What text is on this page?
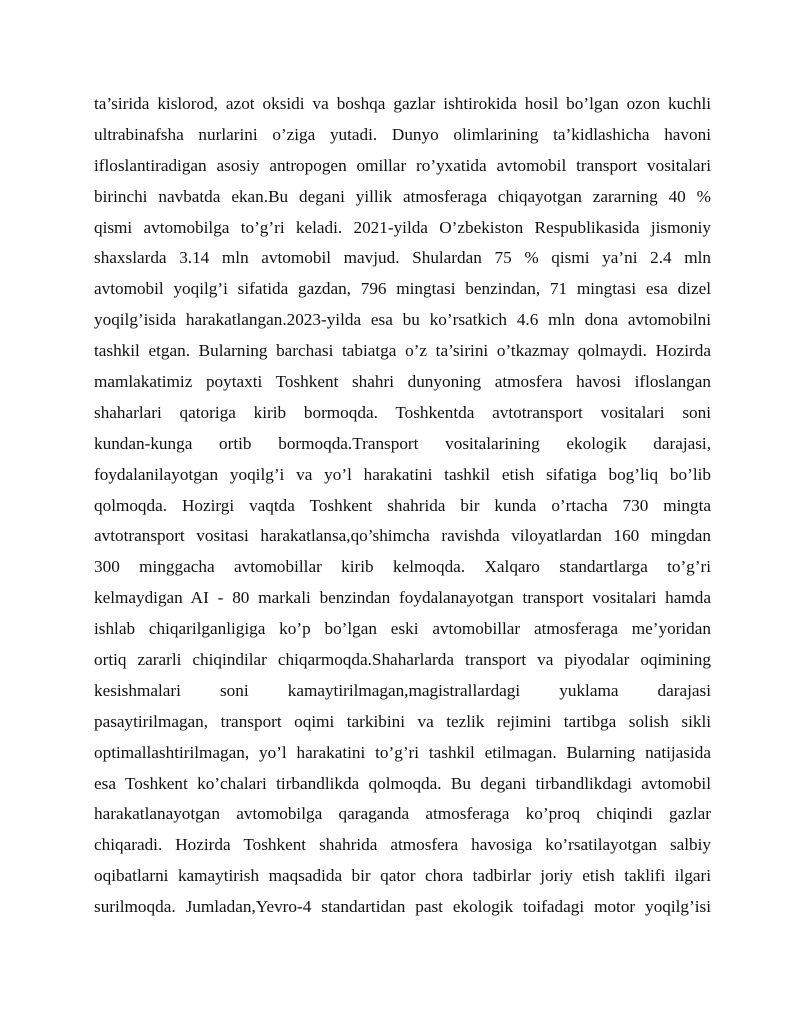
ta’sirida kislorod, azot oksidi va boshqa gazlar ishtirokida hosil bo’lgan ozon kuchli
ultrabinafsha nurlarini o’ziga yutadi. Dunyo olimlarining ta’kidlashicha havoni
ifloslantiradigan asosiy antropogen omillar ro’yxatida avtomobil transport vositalari
birinchi navbatda ekan.Bu degani yillik atmosferaga chiqayotgan zararning 40 %
qismi avtomobilga to’g’ri keladi. 2021-yilda O’zbekiston Respublikasida jismoniy
shaxslarda 3.14 mln avtomobil mavjud. Shulardan 75 % qismi ya’ni 2.4 mln
avtomobil yoqilg’i sifatida gazdan, 796 mingtasi benzindan, 71 mingtasi esa dizel
yoqilg’isida harakatlangan.2023-yilda esa bu ko’rsatkich 4.6 mln dona avtomobilni
tashkil etgan. Bularning barchasi tabiatga o’z ta’sirini o’tkazmay qolmaydi. Hozirda
mamlakatimiz poytaxti Toshkent shahri dunyoning atmosfera havosi ifloslangan
shaharlari qatoriga kirib bormoqda. Toshkentda avtotransport vositalari soni
kundan-kunga ortib bormoqda.Transport vositalarining ekologik darajasi,
foydalanilayotgan yoqilg’i va yo’l harakatini tashkil etish sifatiga bog’liq bo’lib
qolmoqda. Hozirgi vaqtda Toshkent shahrida bir kunda o’rtacha 730 mingta
avtotransport vositasi harakatlansa,qo’shimcha ravishda viloyatlardan 160 mingdan
300 minggacha avtomobillar kirib kelmoqda. Xalqaro standartlarga to’g’ri
kelmaydigan AI - 80 markali benzindan foydalanayotgan transport vositalari hamda
ishlab chiqarilganligiga ko’p bo’lgan eski avtomobillar atmosferaga me’yoridan
ortiq zararli chiqindilar chiqarmoqda.Shaharlarda transport va piyodalar oqimining
kesishmalari soni kamaytirilmagan,magistrallardagi yuklama darajasi
pasaytirilmagan, transport oqimi tarkibini va tezlik rejimini tartibga solish sikli
optimallashtirilmagan, yo’l harakatini to’g’ri tashkil etilmagan. Bularning natijasida
esa Toshkent ko’chalari tirbandlikda qolmoqda. Bu degani tirbandlikdagi avtomobil
harakatlanayotgan avtomobilga qaraganda atmosferaga ko’proq chiqindi gazlar
chiqaradi. Hozirda Toshkent shahrida atmosfera havosiga ko’rsatilayotgan salbiy
oqibatlarni kamaytirish maqsadida bir qator chora tadbirlar joriy etish taklifi ilgari
surilmoqda. Jumladan,Yevro-4 standartidan past ekologik toifadagi motor yoqilg’isi
